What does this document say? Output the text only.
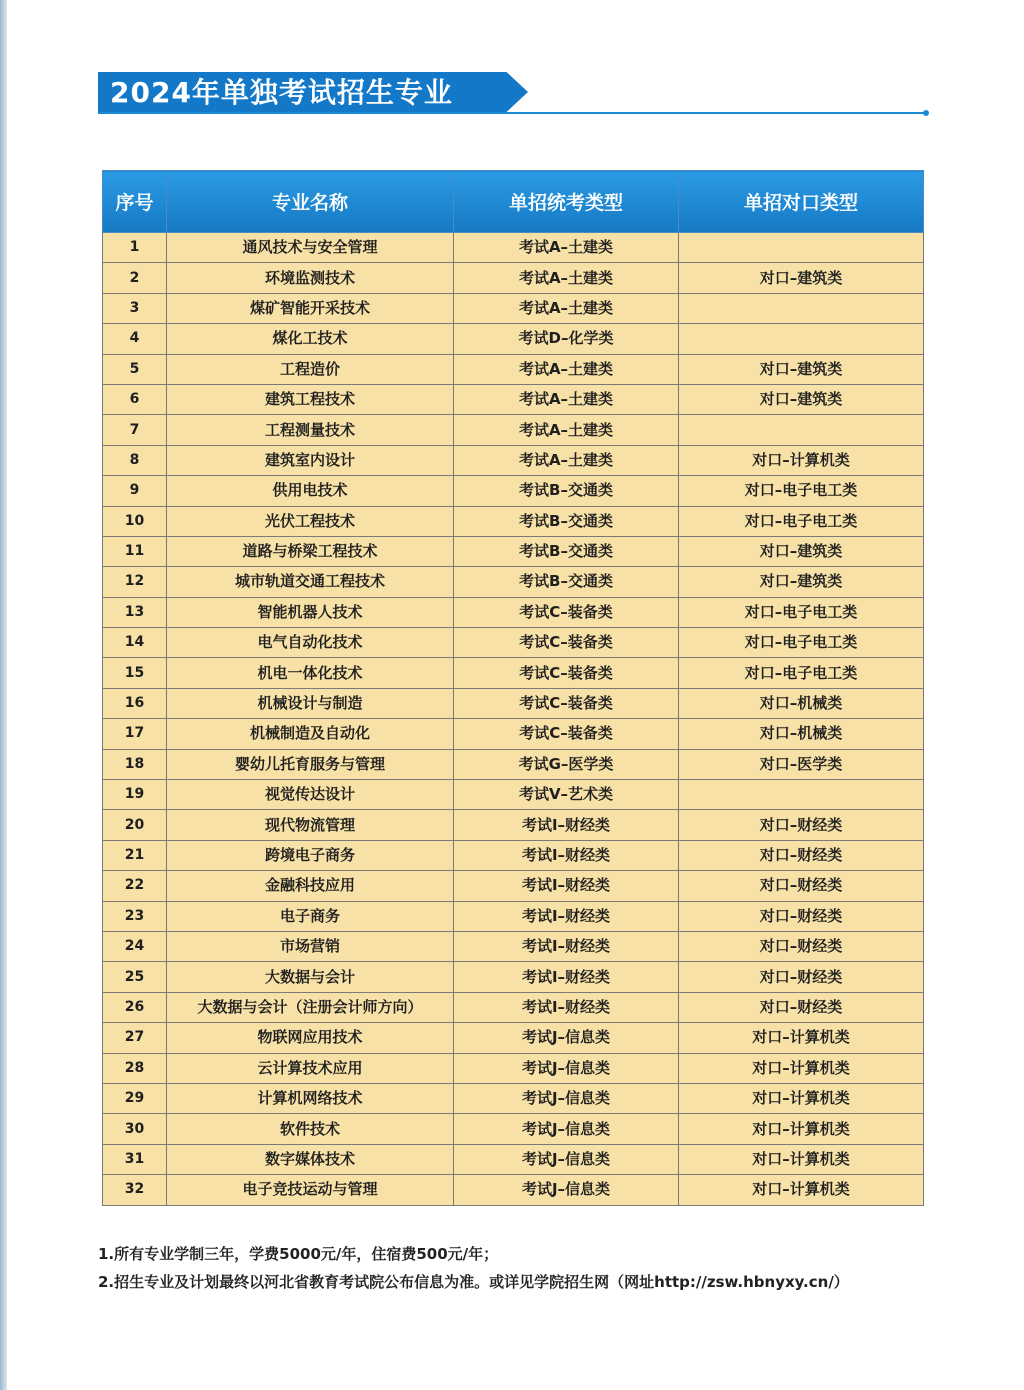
2024年单独考试招生专业
序号	专业名称	单招统考类型	单招对口类型
1	通风技术与安全管理	考试A–土建类	
2	环境监测技术	考试A–土建类	对口–建筑类
3	煤矿智能开采技术	考试A–土建类	
4	煤化工技术	考试D–化学类	
5	工程造价	考试A–土建类	对口–建筑类
6	建筑工程技术	考试A–土建类	对口–建筑类
7	工程测量技术	考试A–土建类	
8	建筑室内设计	考试A–土建类	对口–计算机类
9	供用电技术	考试B–交通类	对口–电子电工类
10	光伏工程技术	考试B–交通类	对口–电子电工类
11	道路与桥梁工程技术	考试B–交通类	对口–建筑类
12	城市轨道交通工程技术	考试B–交通类	对口–建筑类
13	智能机器人技术	考试C–装备类	对口–电子电工类
14	电气自动化技术	考试C–装备类	对口–电子电工类
15	机电一体化技术	考试C–装备类	对口–电子电工类
16	机械设计与制造	考试C–装备类	对口–机械类
17	机械制造及自动化	考试C–装备类	对口–机械类
18	婴幼儿托育服务与管理	考试G–医学类	对口–医学类
19	视觉传达设计	考试V–艺术类	
20	现代物流管理	考试I–财经类	对口–财经类
21	跨境电子商务	考试I–财经类	对口–财经类
22	金融科技应用	考试I–财经类	对口–财经类
23	电子商务	考试I–财经类	对口–财经类
24	市场营销	考试I–财经类	对口–财经类
25	大数据与会计	考试I–财经类	对口–财经类
26	大数据与会计（注册会计师方向）	考试I–财经类	对口–财经类
27	物联网应用技术	考试J–信息类	对口–计算机类
28	云计算技术应用	考试J–信息类	对口–计算机类
29	计算机网络技术	考试J–信息类	对口–计算机类
30	软件技术	考试J–信息类	对口–计算机类
31	数字媒体技术	考试J–信息类	对口–计算机类
32	电子竞技运动与管理	考试J–信息类	对口–计算机类
1.所有专业学制三年，学费5000元/年，住宿费500元/年；
2.招生专业及计划最终以河北省教育考试院公布信息为准。或详见学院招生网（网址http://zsw.hbnyxy.cn/）
